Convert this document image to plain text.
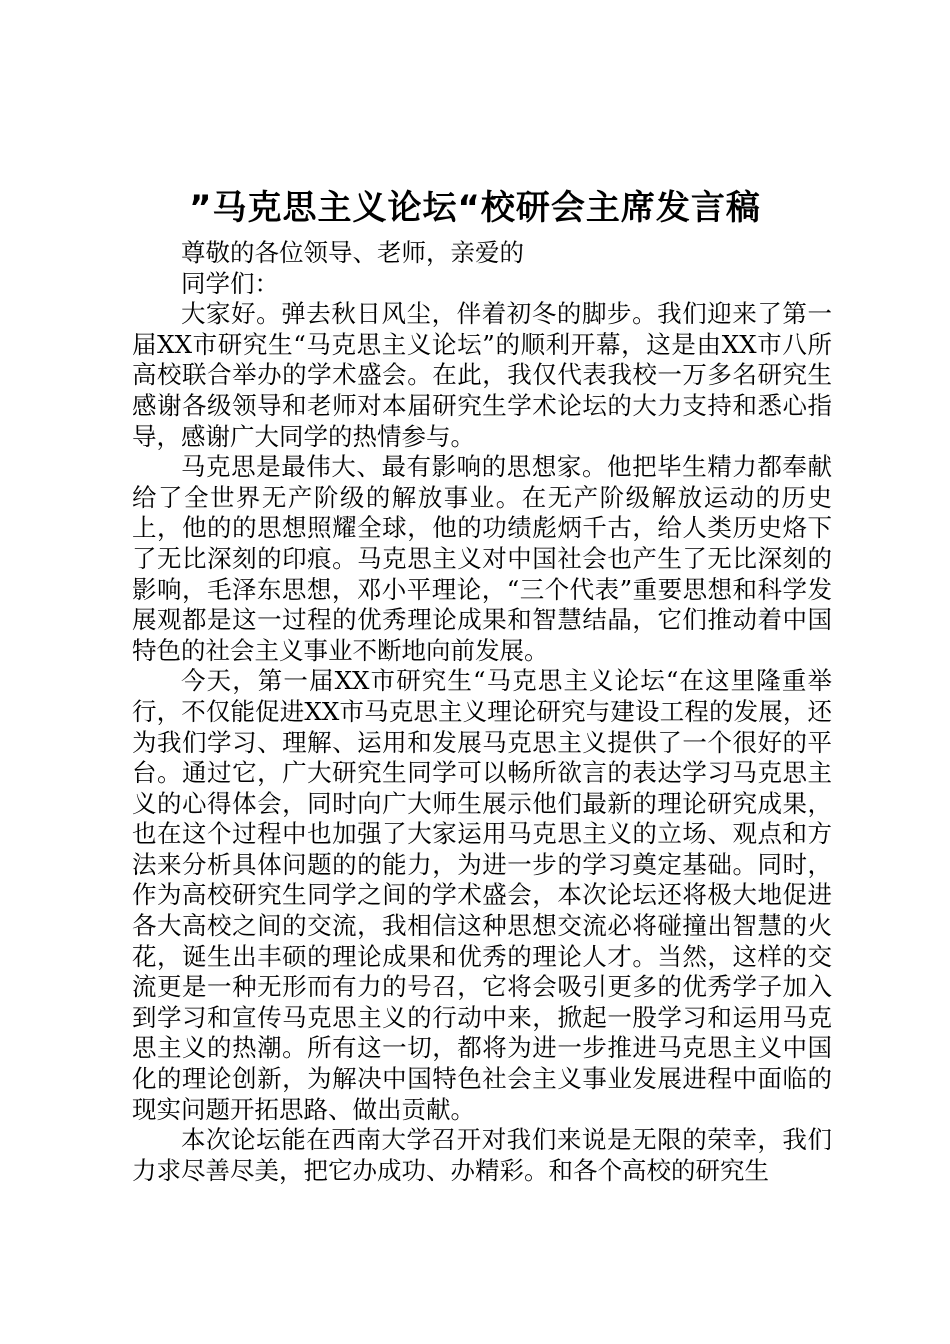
”马克思主义论坛“校研会主席发言稿

尊敬的各位领导、老师，亲爱的

同学们：

大家好。弹去秋日风尘，伴着初冬的脚步。我们迎来了第一届XX市研究生“马克思主义论坛”的顺利开幕，这是由XX市八所高校联合举办的学术盛会。在此，我仅代表我校一万多名研究生感谢各级领导和老师对本届研究生学术论坛的大力支持和悉心指导，感谢广大同学的热情参与。

马克思是最伟大、最有影响的思想家。他把毕生精力都奉献给了全世界无产阶级的解放事业。在无产阶级解放运动的历史上，他的的思想照耀全球，他的功绩彪炳千古，给人类历史烙下了无比深刻的印痕。马克思主义对中国社会也产生了无比深刻的影响，毛泽东思想，邓小平理论，“三个代表”重要思想和科学发展观都是这一过程的优秀理论成果和智慧结晶，它们推动着中国特色的社会主义事业不断地向前发展。

今天，第一届XX市研究生“马克思主义论坛“在这里隆重举行，不仅能促进XX市马克思主义理论研究与建设工程的发展，还为我们学习、理解、运用和发展马克思主义提供了一个很好的平台。通过它，广大研究生同学可以畅所欲言的表达学习马克思主义的心得体会，同时向广大师生展示他们最新的理论研究成果，也在这个过程中也加强了大家运用马克思主义的立场、观点和方法来分析具体问题的的能力，为进一步的学习奠定基础。同时，作为高校研究生同学之间的学术盛会，本次论坛还将极大地促进各大高校之间的交流，我相信这种思想交流必将碰撞出智慧的火花，诞生出丰硕的理论成果和优秀的理论人才。当然，这样的交流更是一种无形而有力的号召，它将会吸引更多的优秀学子加入到学习和宣传马克思主义的行动中来，掀起一股学习和运用马克思主义的热潮。所有这一切，都将为进一步推进马克思主义中国化的理论创新，为解决中国特色社会主义事业发展进程中面临的现实问题开拓思路、做出贡献。

本次论坛能在西南大学召开对我们来说是无限的荣幸，我们力求尽善尽美，把它办成功、办精彩。和各个高校的研究生
